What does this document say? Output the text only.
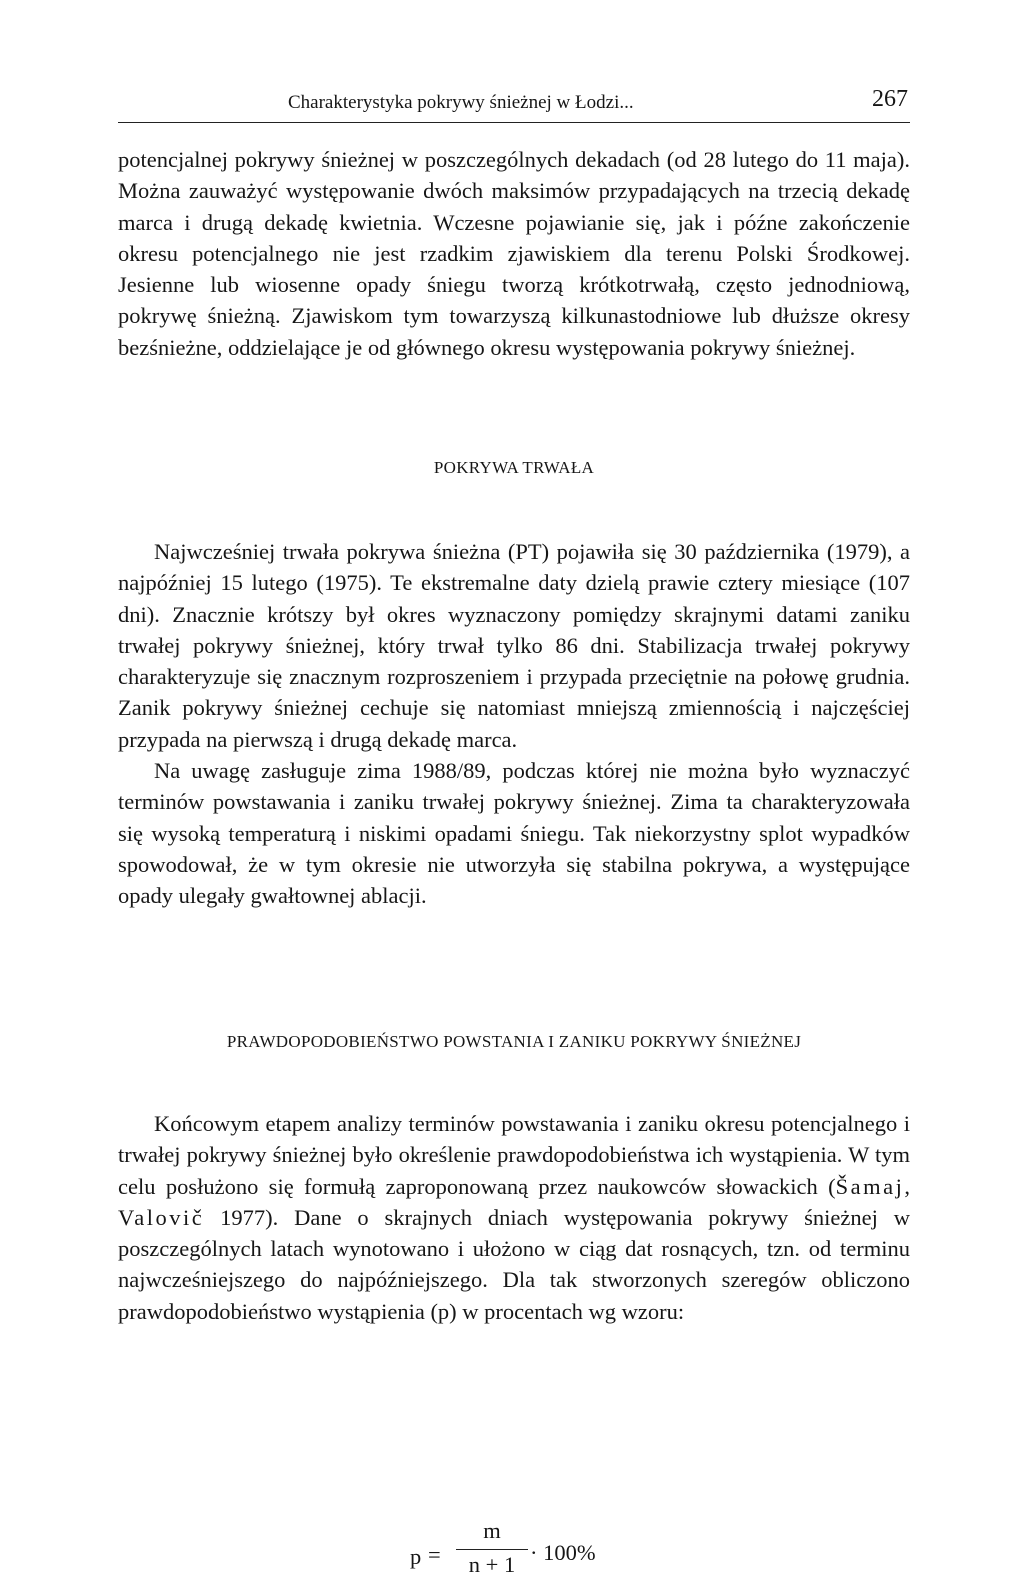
Charakterystyka pokrywy śnieżnej w Łodzi...	267

potencjalnej pokrywy śnieżnej w poszczególnych dekadach (od 28 lutego do 11 maja). Można zauważyć występowanie dwóch maksimów przypadających na trzecią dekadę marca i drugą dekadę kwietnia. Wczesne pojawianie się, jak i późne zakończenie okresu potencjalnego nie jest rzadkim zjawiskiem dla terenu Polski Środkowej. Jesienne lub wiosenne opady śniegu tworzą krótkotrwałą, często jednodniową, pokrywę śnieżną. Zjawiskom tym towarzyszą kilkunastodniowe lub dłuższe okresy bezśnieżne, oddzielające je od głównego okresu występowania pokrywy śnieżnej.

POKRYWA TRWAŁA

Najwcześniej trwała pokrywa śnieżna (PT) pojawiła się 30 października (1979), a najpóźniej 15 lutego (1975). Te ekstremalne daty dzielą prawie cztery miesiące (107 dni). Znacznie krótszy był okres wyznaczony pomiędzy skrajnymi datami zaniku trwałej pokrywy śnieżnej, który trwał tylko 86 dni. Stabilizacja trwałej pokrywy charakteryzuje się znacznym rozproszeniem i przypada przeciętnie na połowę grudnia. Zanik pokrywy śnieżnej cechuje się natomiast mniejszą zmiennością i najczęściej przypada na pierwszą i drugą dekadę marca.

Na uwagę zasługuje zima 1988/89, podczas której nie można było wyznaczyć terminów powstawania i zaniku trwałej pokrywy śnieżnej. Zima ta charakteryzowała się wysoką temperaturą i niskimi opadami śniegu. Tak niekorzystny splot wypadków spowodował, że w tym okresie nie utworzyła się stabilna pokrywa, a występujące opady ulegały gwałtownej ablacji.

PRAWDOPODOBIEŃSTWO POWSTANIA I ZANIKU POKRYWY ŚNIEŻNEJ

Końcowym etapem analizy terminów powstawania i zaniku okresu potencjalnego i trwałej pokrywy śnieżnej było określenie prawdopodobieństwa ich wystąpienia. W tym celu posłużono się formułą zaproponowaną przez naukowców słowackich (Šamaj, Valovič 1977). Dane o skrajnych dniach występowania pokrywy śnieżnej w poszczególnych latach wynotowano i ułożono w ciąg dat rosnących, tzn. od terminu najwcześniejszego do najpóźniejszego. Dla tak stworzonych szeregów obliczono prawdopodobieństwo wystąpienia (p) w procentach wg wzoru:

p =
m
n + 1 · 100%
